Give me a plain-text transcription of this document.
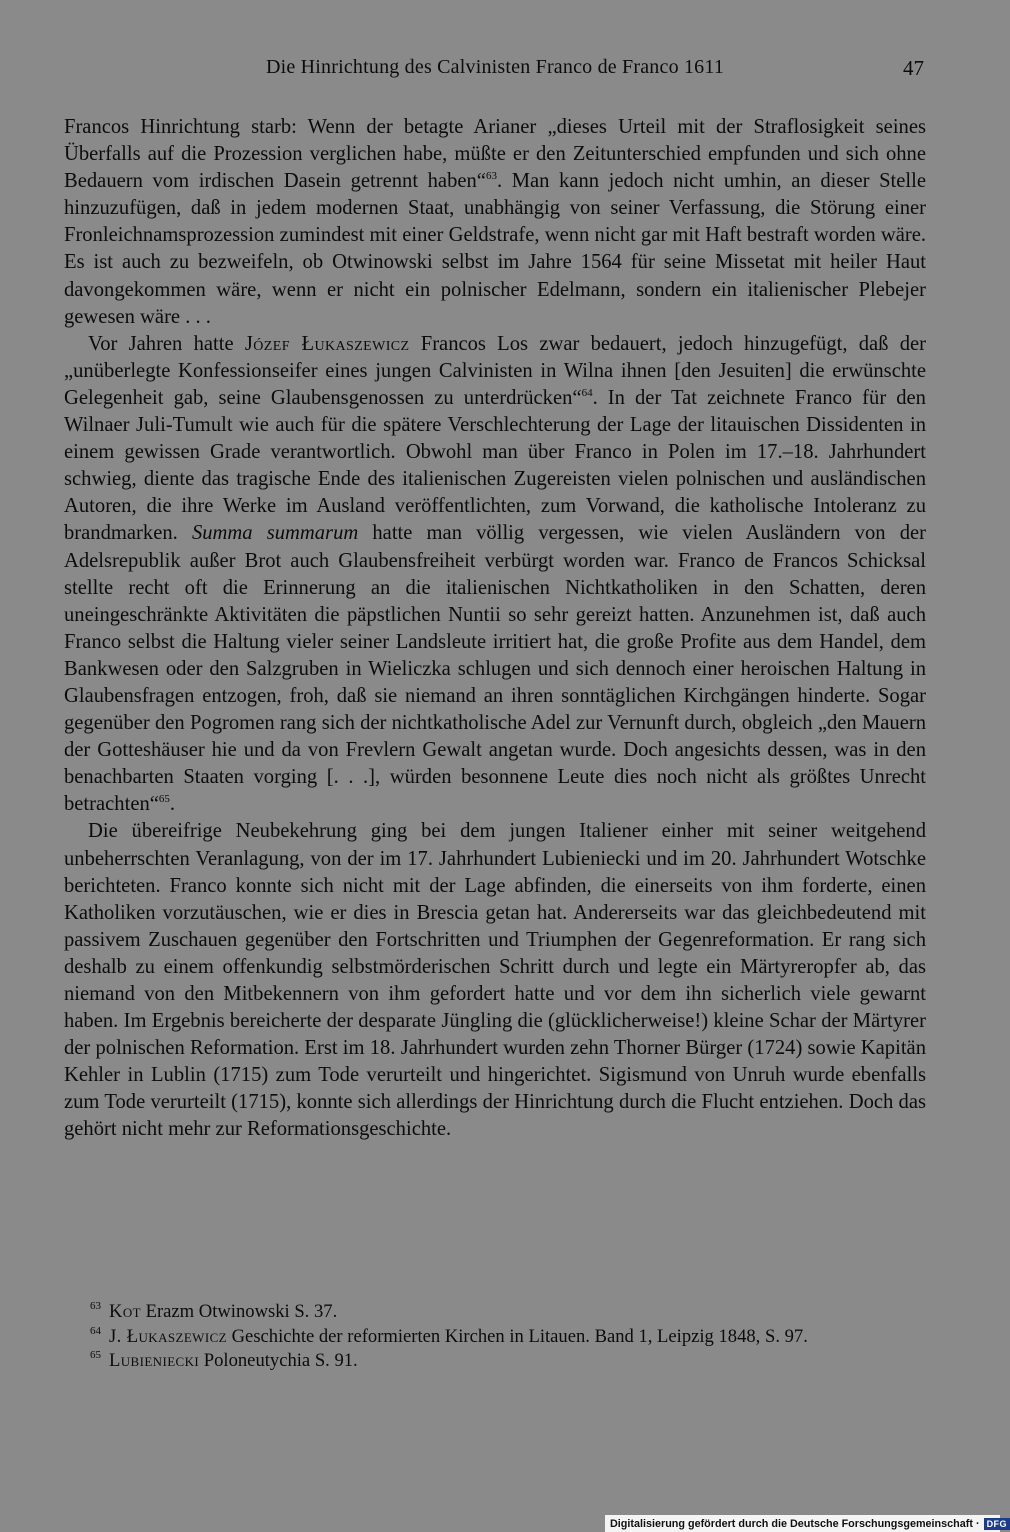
Die Hinrichtung des Calvinisten Franco de Franco 1611	47

Francos Hinrichtung starb: Wenn der betagte Arianer „dieses Urteil mit der Straflosigkeit seines Überfalls auf die Prozession verglichen habe, müßte er den Zeitunterschied empfunden und sich ohne Bedauern vom irdischen Dasein getrennt haben“$^{63}$. Man kann jedoch nicht umhin, an dieser Stelle hinzuzufügen, daß in jedem modernen Staat, unabhängig von seiner Verfassung, die Störung einer Fronleichnamsprozession zumindest mit einer Geldstrafe, wenn nicht gar mit Haft bestraft worden wäre. Es ist auch zu bezweifeln, ob Otwinowski selbst im Jahre 1564 für seine Missetat mit heiler Haut davongekommen wäre, wenn er nicht ein polnischer Edelmann, sondern ein italienischer Plebejer gewesen wäre . . .

Vor Jahren hatte Józef Łukaszewicz Francos Los zwar bedauert, jedoch hinzugefügt, daß der „unüberlegte Konfessionseifer eines jungen Calvinisten in Wilna ihnen [den Jesuiten] die erwünschte Gelegenheit gab, seine Glaubensgenossen zu unterdrücken“$^{64}$. In der Tat zeichnete Franco für den Wilnaer Juli-Tumult wie auch für die spätere Verschlechterung der Lage der litauischen Dissidenten in einem gewissen Grade verantwortlich. Obwohl man über Franco in Polen im 17.–18. Jahrhundert schwieg, diente das tragische Ende des italienischen Zugereisten vielen polnischen und ausländischen Autoren, die ihre Werke im Ausland veröffentlichten, zum Vorwand, die katholische Intoleranz zu brandmarken. Summa summarum hatte man völlig vergessen, wie vielen Ausländern von der Adelsrepublik außer Brot auch Glaubensfreiheit verbürgt worden war. Franco de Francos Schicksal stellte recht oft die Erinnerung an die italienischen Nichtkatholiken in den Schatten, deren uneingeschränkte Aktivitäten die päpstlichen Nuntii so sehr gereizt hatten. Anzunehmen ist, daß auch Franco selbst die Haltung vieler seiner Landsleute irritiert hat, die große Profite aus dem Handel, dem Bankwesen oder den Salzgruben in Wieliczka schlugen und sich dennoch einer heroischen Haltung in Glaubensfragen entzogen, froh, daß sie niemand an ihren sonntäglichen Kirchgängen hinderte. Sogar gegenüber den Pogromen rang sich der nichtkatholische Adel zur Vernunft durch, obgleich „den Mauern der Gotteshäuser hie und da von Frevlern Gewalt angetan wurde. Doch angesichts dessen, was in den benachbarten Staaten vorging [. . .], würden besonnene Leute dies noch nicht als größtes Unrecht betrachten“$^{65}$.

Die übereifrige Neubekehrung ging bei dem jungen Italiener einher mit seiner weitgehend unbeherrschten Veranlagung, von der im 17. Jahrhundert Lubieniecki und im 20. Jahrhundert Wotschke berichteten. Franco konnte sich nicht mit der Lage abfinden, die einerseits von ihm forderte, einen Katholiken vorzutäuschen, wie er dies in Brescia getan hat. Andererseits war das gleichbedeutend mit passivem Zuschauen gegenüber den Fortschritten und Triumphen der Gegenreformation. Er rang sich deshalb zu einem offenkundig selbstmörderischen Schritt durch und legte ein Märtyreropfer ab, das niemand von den Mitbekennern von ihm gefordert hatte und vor dem ihn sicherlich viele gewarnt haben. Im Ergebnis bereicherte der desparate Jüngling die (glücklicherweise!) kleine Schar der Märtyrer der polnischen Reformation. Erst im 18. Jahrhundert wurden zehn Thorner Bürger (1724) sowie Kapitän Kehler in Lublin (1715) zum Tode verurteilt und hingerichtet. Sigismund von Unruh wurde ebenfalls zum Tode verurteilt (1715), konnte sich allerdings der Hinrichtung durch die Flucht entziehen. Doch das gehört nicht mehr zur Reformationsgeschichte.

$^{63}$ Kot Erazm Otwinowski S. 37.
$^{64}$ J. Łukaszewicz Geschichte der reformierten Kirchen in Litauen. Band 1, Leipzig 1848, S. 97.
$^{65}$ Lubieniecki Poloneutychia S. 91.
Digitalisierung gefördert durch die Deutsche Forschungsgemeinschaft · DFG
